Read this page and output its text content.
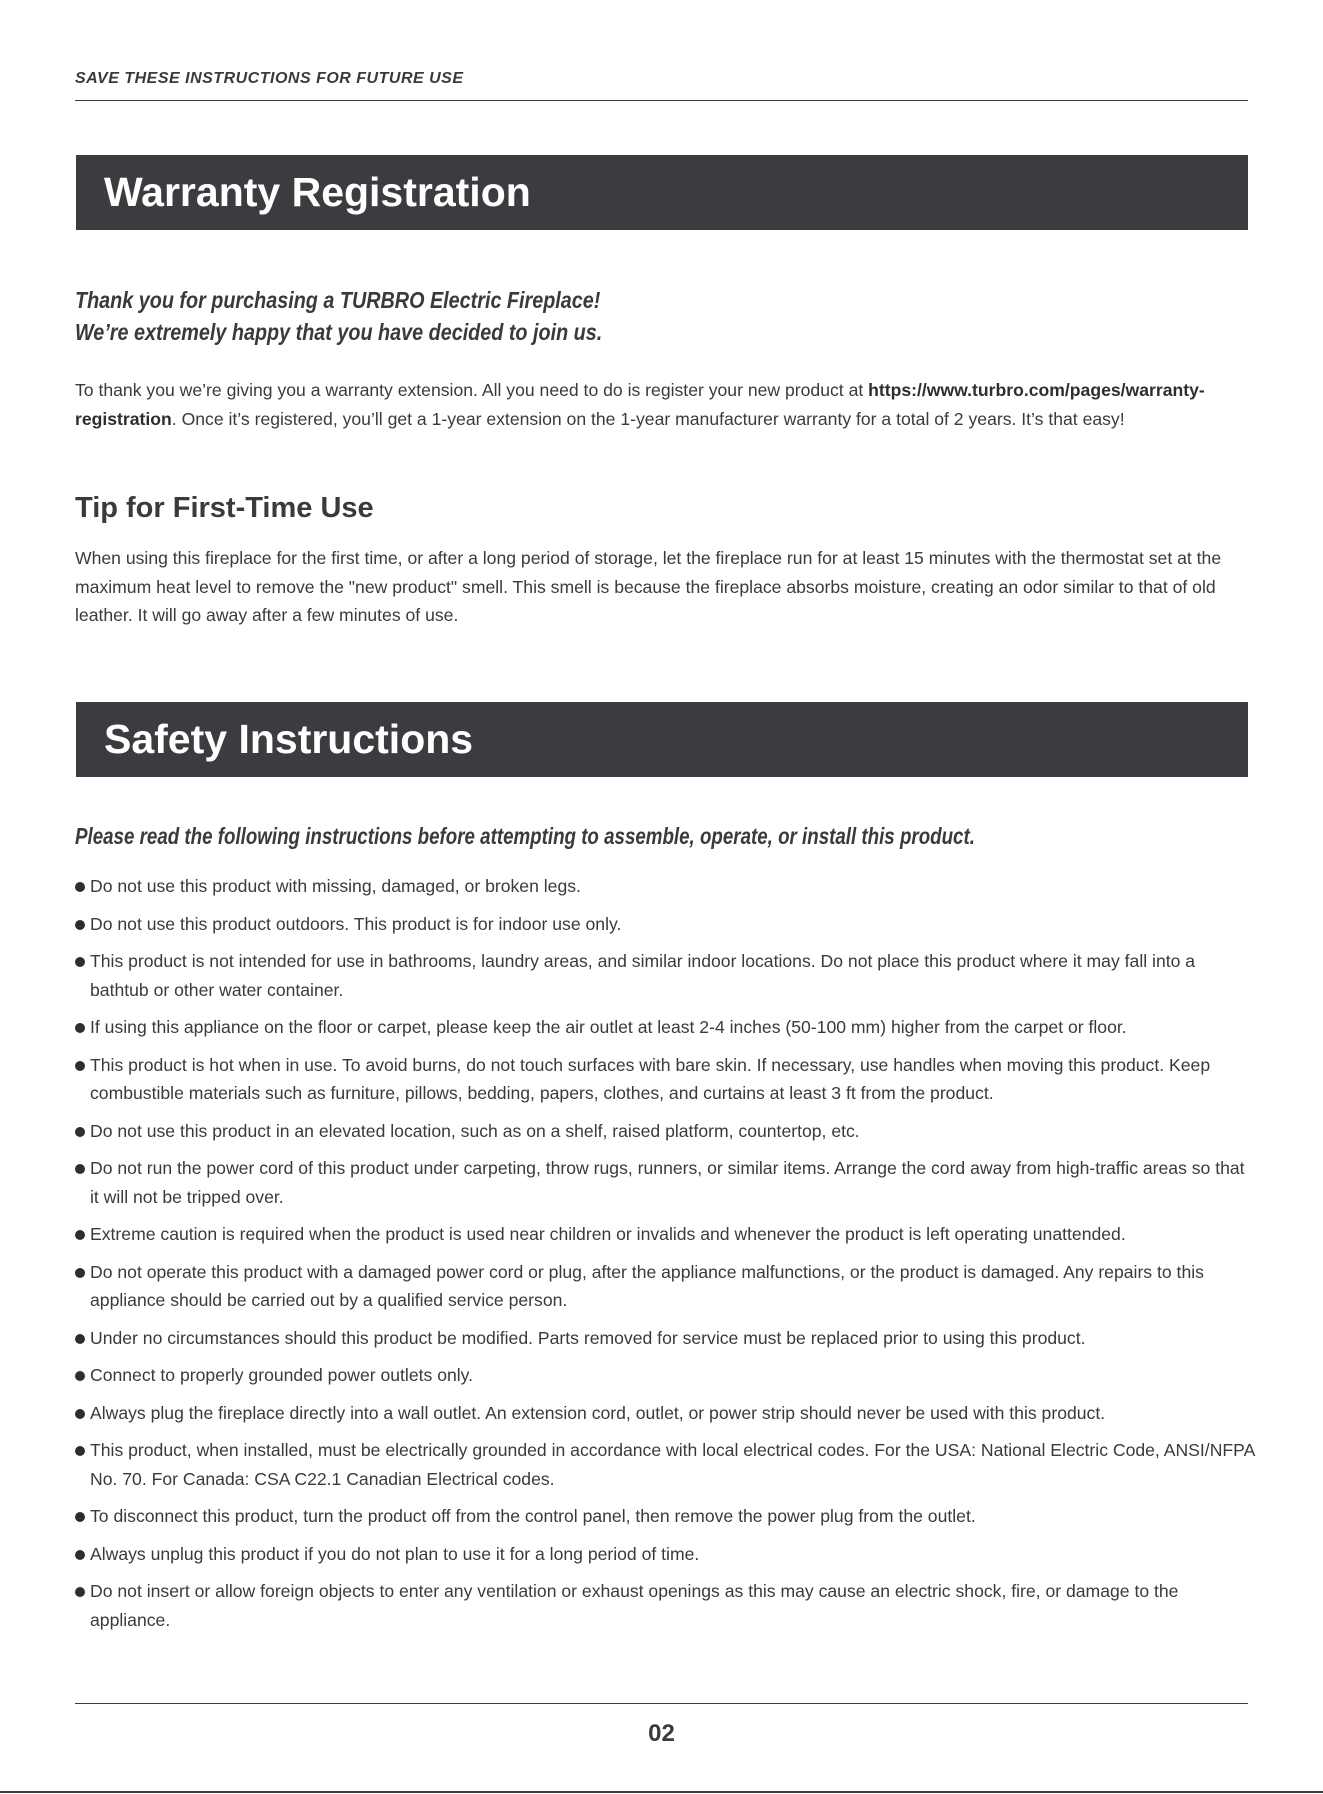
SAVE THESE INSTRUCTIONS FOR FUTURE USE
Warranty Registration
Thank you for purchasing a TURBRO Electric Fireplace!
We’re extremely happy that you have decided to join us.
To thank you we’re giving you a warranty extension. All you need to do is register your new product at https://www.turbro.com/pages/warranty-registration. Once it’s registered, you’ll get a 1-year extension on the 1-year manufacturer warranty for a total of 2 years. It’s that easy!
Tip for First-Time Use
When using this fireplace for the first time, or after a long period of storage, let the fireplace run for at least 15 minutes with the thermostat set at the maximum heat level to remove the "new product" smell. This smell is because the fireplace absorbs moisture, creating an odor similar to that of old leather. It will go away after a few minutes of use.
Safety Instructions
Please read the following instructions before attempting to assemble, operate, or install this product.
Do not use this product with missing, damaged, or broken legs.
Do not use this product outdoors. This product is for indoor use only.
This product is not intended for use in bathrooms, laundry areas, and similar indoor locations. Do not place this product where it may fall into a bathtub or other water container.
If using this appliance on the floor or carpet, please keep the air outlet at least 2-4 inches (50-100 mm) higher from the carpet or floor.
This product is hot when in use. To avoid burns, do not touch surfaces with bare skin. If necessary, use handles when moving this product. Keep combustible materials such as furniture, pillows, bedding, papers, clothes, and curtains at least 3 ft from the product.
Do not use this product in an elevated location, such as on a shelf, raised platform, countertop, etc.
Do not run the power cord of this product under carpeting, throw rugs, runners, or similar items. Arrange the cord away from high-traffic areas so that it will not be tripped over.
Extreme caution is required when the product is used near children or invalids and whenever the product is left operating unattended.
Do not operate this product with a damaged power cord or plug, after the appliance malfunctions, or the product is damaged. Any repairs to this appliance should be carried out by a qualified service person.
Under no circumstances should this product be modified. Parts removed for service must be replaced prior to using this product.
Connect to properly grounded power outlets only.
Always plug the fireplace directly into a wall outlet. An extension cord, outlet, or power strip should never be used with this product.
This product, when installed, must be electrically grounded in accordance with local electrical codes. For the USA: National Electric Code, ANSI/NFPA No. 70. For Canada: CSA C22.1 Canadian Electrical codes.
To disconnect this product, turn the product off from the control panel, then remove the power plug from the outlet.
Always unplug this product if you do not plan to use it for a long period of time.
Do not insert or allow foreign objects to enter any ventilation or exhaust openings as this may cause an electric shock, fire, or damage to the appliance.
02
